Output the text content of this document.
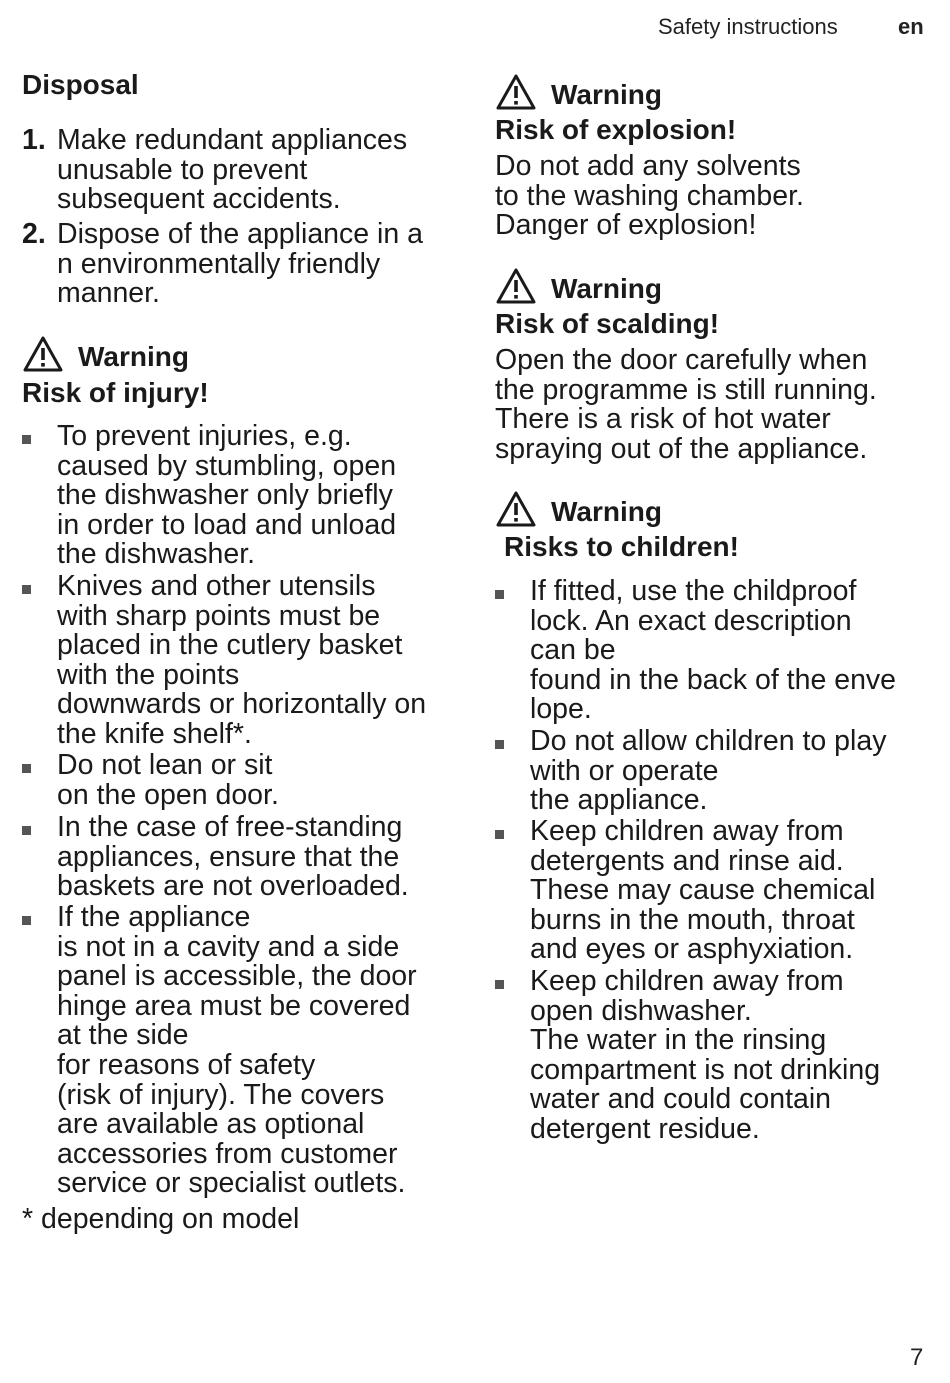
Safety instructions	en
Disposal
1. Make redundant appliances
unusable to prevent
subsequent accidents.
2. Dispose of the appliance in a
n environmentally friendly
manner.
Warning
Risk of injury!
To prevent injuries, e.g.
caused by stumbling, open
the dishwasher only briefly
in order to load and unload
the dishwasher.
Knives and other utensils
with sharp points must be
placed in the cutlery basket
with the points
downwards or horizontally on
the knife shelf*.
Do not lean or sit
on the open door.
In the case of free-standing
appliances, ensure that the
baskets are not overloaded.
If the appliance
is not in a cavity and a side
panel is accessible, the door
hinge area must be covered
at the side
for reasons of safety
(risk of injury). The covers
are available as optional
accessories from customer
service or specialist outlets.
* depending on model
Warning
Risk of explosion!
Do not add any solvents
to the washing chamber.
Danger of explosion!
Warning
Risk of scalding!
Open the door carefully when
the programme is still running.
There is a risk of hot water
spraying out of the appliance.
Warning
Risks to children!
If fitted, use the childproof
lock. An exact description
can be
found in the back of the enve
lope.
Do not allow children to play
with or operate
the appliance.
Keep children away from
detergents and rinse aid.
These may cause chemical
burns in the mouth, throat
and eyes or asphyxiation.
Keep children away from
open dishwasher.
The water in the rinsing
compartment is not drinking
water and could contain
detergent residue.
7
